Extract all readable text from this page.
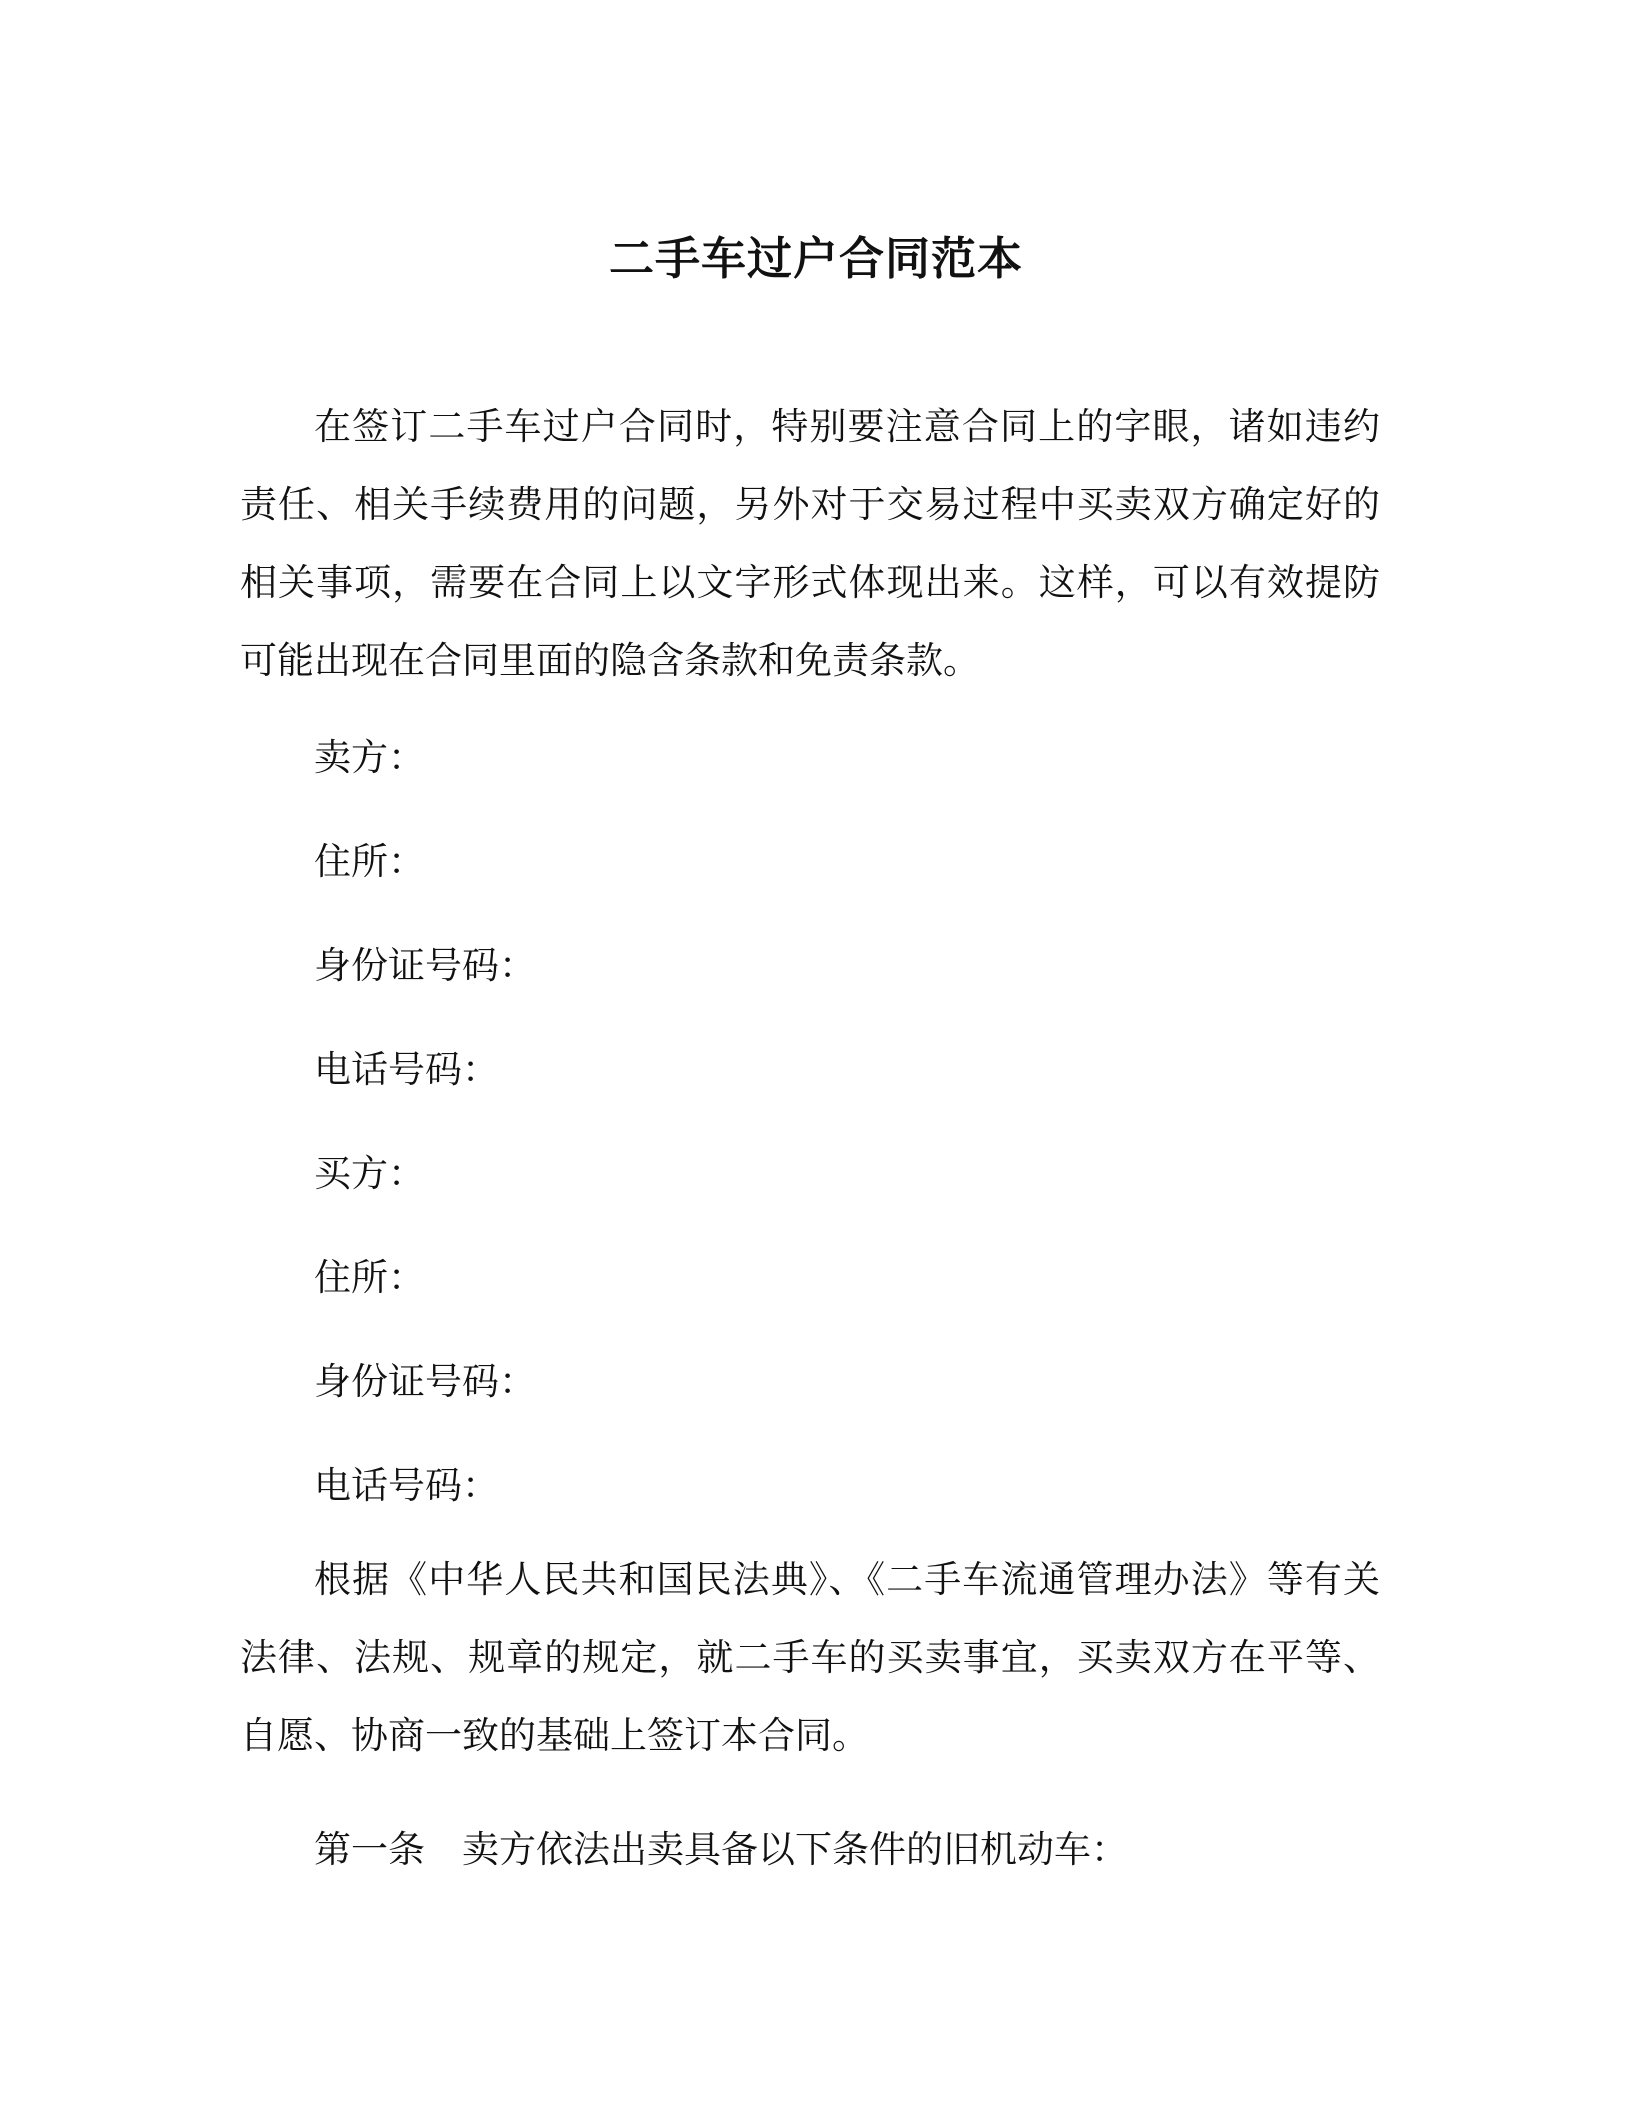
二手车过户合同范本

在签订二手车过户合同时，特别要注意合同上的字眼，诸如违约责任、相关手续费用的问题，另外对于交易过程中买卖双方确定好的相关事项，需要在合同上以文字形式体现出来。这样，可以有效提防可能出现在合同里面的隐含条款和免责条款。

卖方：

住所：

身份证号码：

电话号码：

买方：

住所：

身份证号码：

电话号码：

根据《中华人民共和国民法典》、《二手车流通管理办法》等有关法律、法规、规章的规定，就二手车的买卖事宜，买卖双方在平等、自愿、协商一致的基础上签订本合同。

第一条 卖方依法出卖具备以下条件的旧机动车：
